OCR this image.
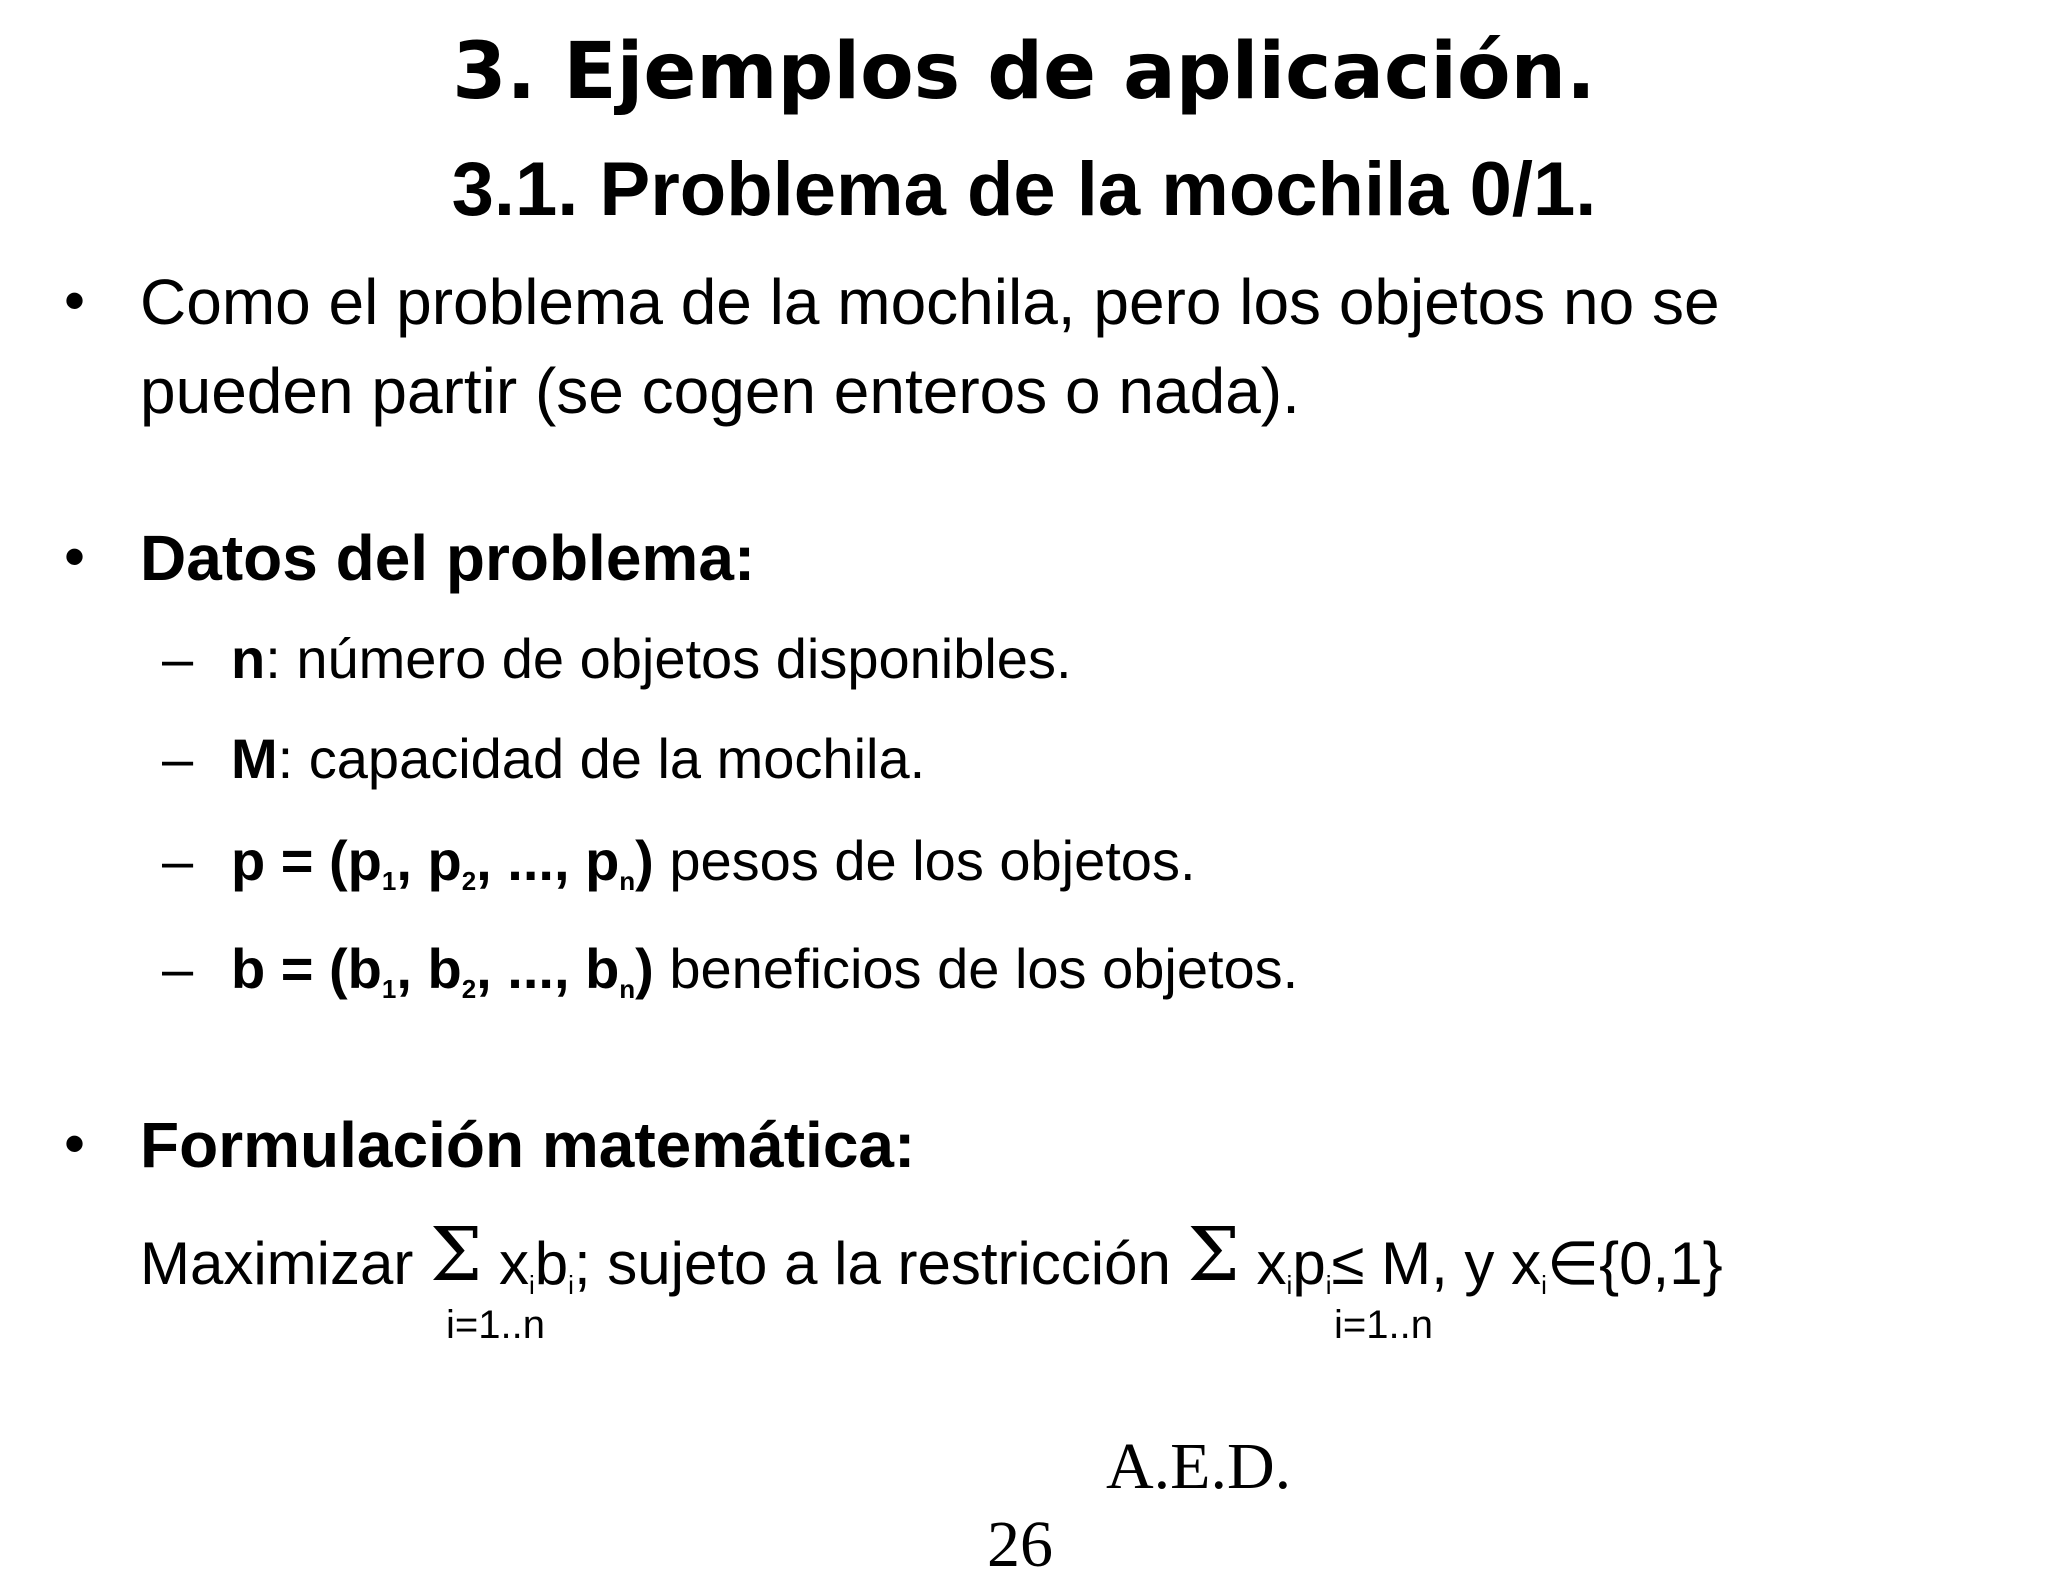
3. Ejemplos de aplicación.
3.1. Problema de la mochila 0/1.
• Como el problema de la mochila, pero los objetos no se
pueden partir (se cogen enteros o nada).
• Datos del problema:
– n: número de objetos disponibles.
– M: capacidad de la mochila.
– $p = (p_1$, $p_2$, ..., $p_n$) pesos de los objetos.
– $b = (b_1$, $b_2$, ..., $b_n$) beneficios de los objetos.
• Formulación matemática:
Maximizar Σ $x_ib_i$; sujeto a la restricción Σ $x_ip_i\le M$, y $x_i\in\{0,1\}$
i=1..n	i=1..n
A.E.D.
26
